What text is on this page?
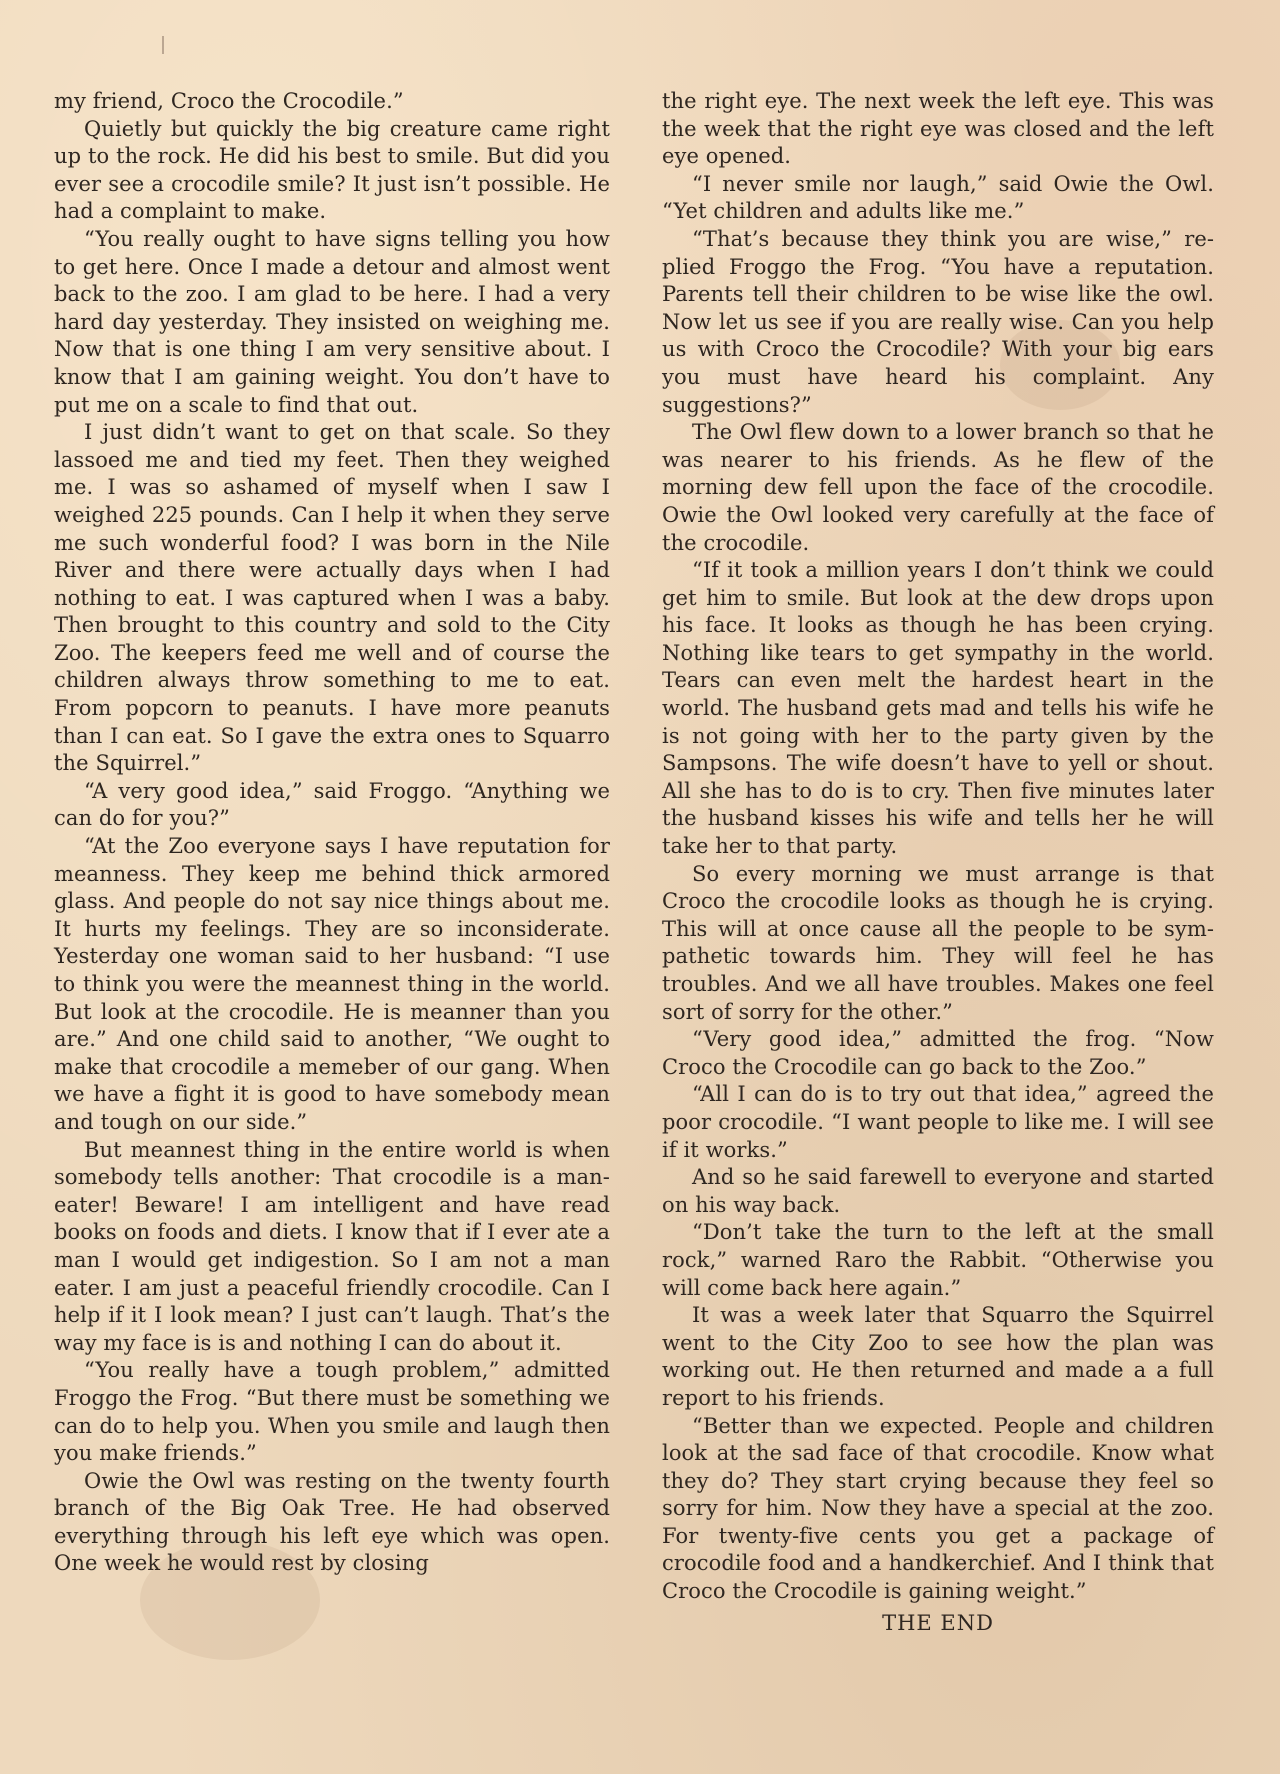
my friend, Croco the Crocodile.”

Quietly but quickly the big creature came right up to the rock. He did his best to smile. But did you ever see a crocodile smile? It just isn’t possible. He had a complaint to make.

“You really ought to have signs telling you how to get here. Once I made a detour and almost went back to the zoo. I am glad to be here. I had a very hard day yesterday. They insisted on weighing me. Now that is one thing I am very sensitive about. I know that I am gaining weight. You don’t have to put me on a scale to find that out.

I just didn’t want to get on that scale. So they lassoed me and tied my feet. Then they weighed me. I was so ashamed of myself when I saw I weighed 225 pounds. Can I help it when they serve me such wonderful food? I was born in the Nile River and there were actually days when I had nothing to eat. I was captured when I was a baby. Then brought to this country and sold to the City Zoo. The keepers feed me well and of course the children always throw something to me to eat. From popcorn to peanuts. I have more peanuts than I can eat. So I gave the extra ones to Squarro the Squirrel.”

“A very good idea,” said Froggo. “Anything we can do for you?”

“At the Zoo everyone says I have reputation for meanness. They keep me behind thick armored glass. And people do not say nice things about me. It hurts my feelings. They are so inconsiderate. Yesterday one woman said to her husband: “I use to think you were the meannest thing in the world. But look at the crocodile. He is meanner than you are.” And one child said to another, “We ought to make that crocodile a memeber of our gang. When we have a fight it is good to have somebody mean and tough on our side.”

But meannest thing in the entire world is when somebody tells another: That crocodile is a man-eater! Beware! I am intelligent and have read books on foods and diets. I know that if I ever ate a man I would get indigestion. So I am not a man eater. I am just a peaceful friendly crocodile. Can I help if it I look mean? I just can’t laugh. That’s the way my face is is and nothing I can do about it.

“You really have a tough problem,” admitted Froggo the Frog. “But there must be something we can do to help you. When you smile and laugh then you make friends.”

Owie the Owl was resting on the twenty fourth branch of the Big Oak Tree. He had observed everything through his left eye which was open. One week he would rest by closing

the right eye. The next week the left eye. This was the week that the right eye was closed and the left eye opened.

“I never smile nor laugh,” said Owie the Owl. “Yet children and adults like me.”

“That’s because they think you are wise,” replied Froggo the Frog. “You have a reputation. Parents tell their children to be wise like the owl. Now let us see if you are really wise. Can you help us with Croco the Crocodile? With your big ears you must have heard his complaint. Any suggestions?”

The Owl flew down to a lower branch so that he was nearer to his friends. As he flew of the morning dew fell upon the face of the crocodile. Owie the Owl looked very carefully at the face of the crocodile.

“If it took a million years I don’t think we could get him to smile. But look at the dew drops upon his face. It looks as though he has been crying. Nothing like tears to get sympathy in the world. Tears can even melt the hardest heart in the world. The husband gets mad and tells his wife he is not going with her to the party given by the Sampsons. The wife doesn’t have to yell or shout. All she has to do is to cry. Then five minutes later the husband kisses his wife and tells her he will take her to that party.

So every morning we must arrange is that Croco the crocodile looks as though he is crying. This will at once cause all the people to be sympathetic towards him. They will feel he has troubles. And we all have troubles. Makes one feel sort of sorry for the other.”

“Very good idea,” admitted the frog. “Now Croco the Crocodile can go back to the Zoo.”

“All I can do is to try out that idea,” agreed the poor crocodile. “I want people to like me. I will see if it works.”

And so he said farewell to everyone and started on his way back.

“Don’t take the turn to the left at the small rock,” warned Raro the Rabbit. “Otherwise you will come back here again.”

It was a week later that Squarro the Squirrel went to the City Zoo to see how the plan was working out. He then returned and made a a full report to his friends.

“Better than we expected. People and children look at the sad face of that crocodile. Know what they do? They start crying because they feel so sorry for him. Now they have a special at the zoo. For twenty-five cents you get a package of crocodile food and a handkerchief. And I think that Croco the Crocodile is gaining weight.”

THE END
